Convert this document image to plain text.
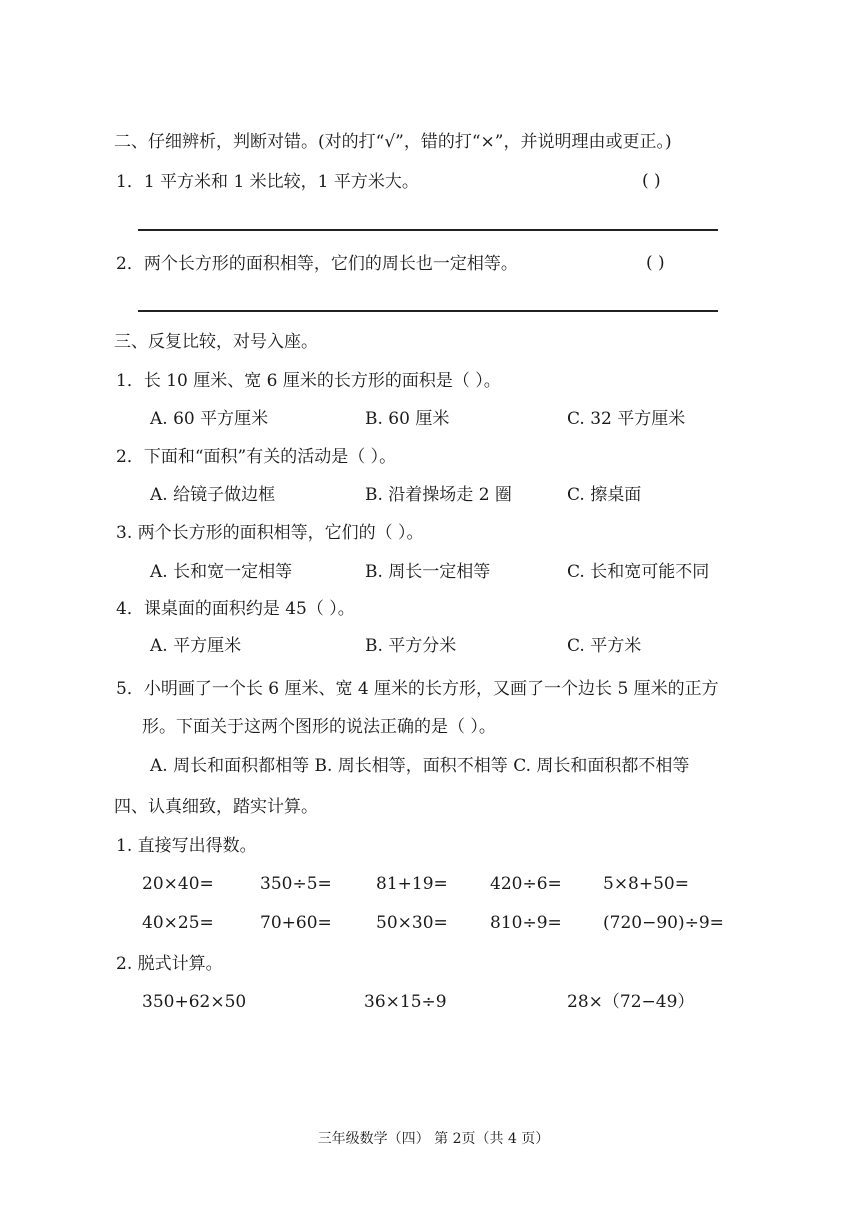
二、仔细辨析，判断对错。(对的打“√”，错的打“×”，并说明理由或更正。)
1．1 平方米和 1 米比较，1 平方米大。	( )
2．两个长方形的面积相等，它们的周长也一定相等。	( )
三、反复比较，对号入座。
1．长 10 厘米、宽 6 厘米的长方形的面积是（ ）。
A. 60 平方厘米	B. 60 厘米	C. 32 平方厘米
2．下面和“面积”有关的活动是（ ）。
A. 给镜子做边框	B. 沿着操场走 2 圈	C. 擦桌面
3. 两个长方形的面积相等，它们的（ ）。
A. 长和宽一定相等	B. 周长一定相等	C. 长和宽可能不同
4．课桌面的面积约是 45（ ）。
A. 平方厘米	B. 平方分米	C. 平方米
5．小明画了一个长 6 厘米、宽 4 厘米的长方形，又画了一个边长 5 厘米的正方
形。下面关于这两个图形的说法正确的是（ ）。
A. 周长和面积都相等 B. 周长相等，面积不相等 C. 周长和面积都不相等
四、认真细致，踏实计算。
1. 直接写出得数。
20×40=	350÷5=	81+19= 420÷6= 5×8+50=
40×25=	70+60=	50×30= 810÷9= (720−90)÷9=
2. 脱式计算。
350+62×50	36×15÷9	28×（72−49）
三年级数学（四） 第 2页（共 4 页）
